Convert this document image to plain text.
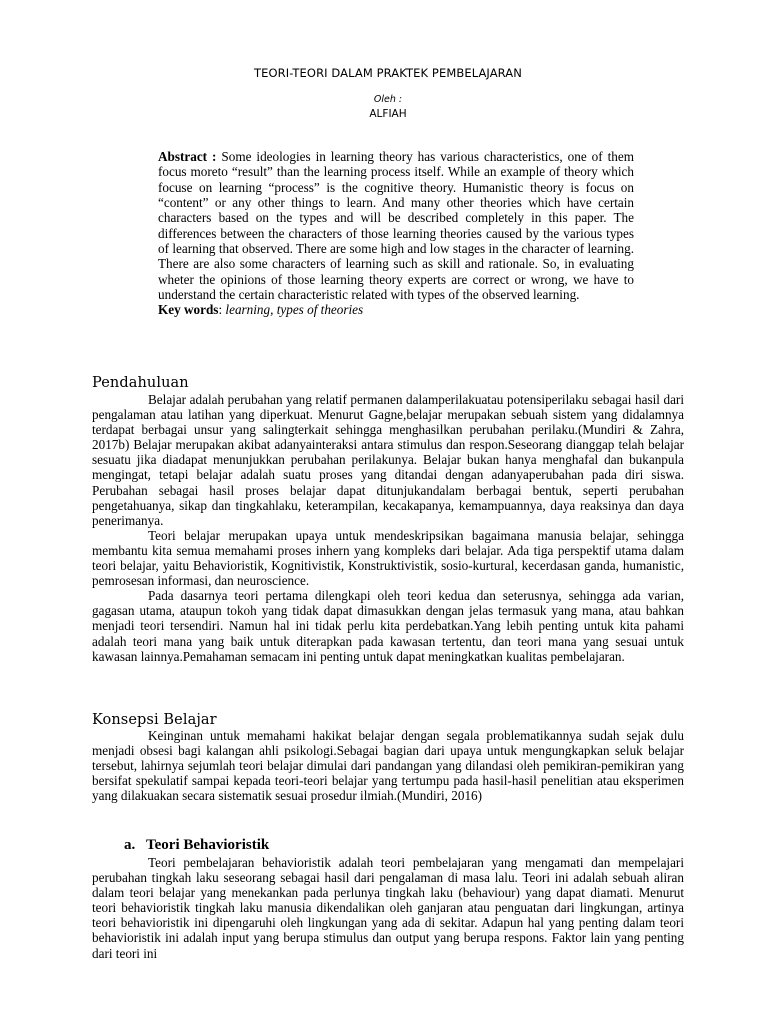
TEORI-TEORI DALAM PRAKTEK PEMBELAJARAN
Oleh :
ALFIAH
Abstract : Some ideologies in learning theory has various characteristics, one of them focus moreto “result” than the learning process itself. While an example of theory which focuse on learning “process” is the cognitive theory. Humanistic theory is focus on “content” or any other things to learn. And many other theories which have certain characters based on the types and will be described completely in this paper. The differences between the characters of those learning theories caused by the various types of learning that observed. There are some high and low stages in the character of learning. There are also some characters of learning such as skill and rationale. So, in evaluating wheter the opinions of those learning theory experts are correct or wrong, we have to understand the certain characteristic related with types of the observed learning.
Key words: learning, types of theories
Pendahuluan

Belajar adalah perubahan yang relatif permanen dalamperilakuatau potensiperilaku sebagai hasil dari pengalaman atau latihan yang diperkuat. Menurut Gagne,belajar merupakan sebuah sistem yang didalamnya terdapat berbagai unsur yang salingterkait sehingga menghasilkan perubahan perilaku.(Mundiri & Zahra, 2017b) Belajar merupakan akibat adanyainteraksi antara stimulus dan respon.Seseorang dianggap telah belajar sesuatu jika diadapat menunjukkan perubahan perilakunya. Belajar bukan hanya menghafal dan bukanpula mengingat, tetapi belajar adalah suatu proses yang ditandai dengan adanyaperubahan pada diri siswa. Perubahan sebagai hasil proses belajar dapat ditunjukandalam berbagai bentuk, seperti perubahan pengetahuanya, sikap dan tingkahlaku, keterampilan, kecakapanya, kemampuannya, daya reaksinya dan daya penerimanya.

Teori belajar merupakan upaya untuk mendeskripsikan bagaimana manusia belajar, sehingga membantu kita semua memahami proses inhern yang kompleks dari belajar. Ada tiga perspektif utama dalam teori belajar, yaitu Behavioristik, Kognitivistik, Konstruktivistik, sosio-kurtural, kecerdasan ganda, humanistic, pemrosesan informasi, dan neuroscience.

Pada dasarnya teori pertama dilengkapi oleh teori kedua dan seterusnya, sehingga ada varian, gagasan utama, ataupun tokoh yang tidak dapat dimasukkan dengan jelas termasuk yang mana, atau bahkan menjadi teori tersendiri. Namun hal ini tidak perlu kita perdebatkan.Yang lebih penting untuk kita pahami adalah teori mana yang baik untuk diterapkan pada kawasan tertentu, dan teori mana yang sesuai untuk kawasan lainnya.Pemahaman semacam ini penting untuk dapat meningkatkan kualitas pembelajaran.

Konsepsi Belajar

Keinginan untuk memahami hakikat belajar dengan segala problematikannya sudah sejak dulu menjadi obsesi bagi kalangan ahli psikologi.Sebagai bagian dari upaya untuk mengungkapkan seluk belajar tersebut, lahirnya sejumlah teori belajar dimulai dari pandangan yang dilandasi oleh pemikiran-pemikiran yang bersifat spekulatif sampai kepada teori-teori belajar yang tertumpu pada hasil-hasil penelitian atau eksperimen yang dilakuakan secara sistematik sesuai prosedur ilmiah.(Mundiri, 2016)

a. Teori Behavioristik

Teori pembelajaran behavioristik adalah teori pembelajaran yang mengamati dan mempelajari perubahan tingkah laku seseorang sebagai hasil dari pengalaman di masa lalu. Teori ini adalah sebuah aliran dalam teori belajar yang menekankan pada perlunya tingkah laku (behaviour) yang dapat diamati. Menurut teori behavioristik tingkah laku manusia dikendalikan oleh ganjaran atau penguatan dari lingkungan, artinya teori behavioristik ini dipengaruhi oleh lingkungan yang ada di sekitar. Adapun hal yang penting dalam teori behavioristik ini adalah input yang berupa stimulus dan output yang berupa respons. Faktor lain yang penting dari teori ini
